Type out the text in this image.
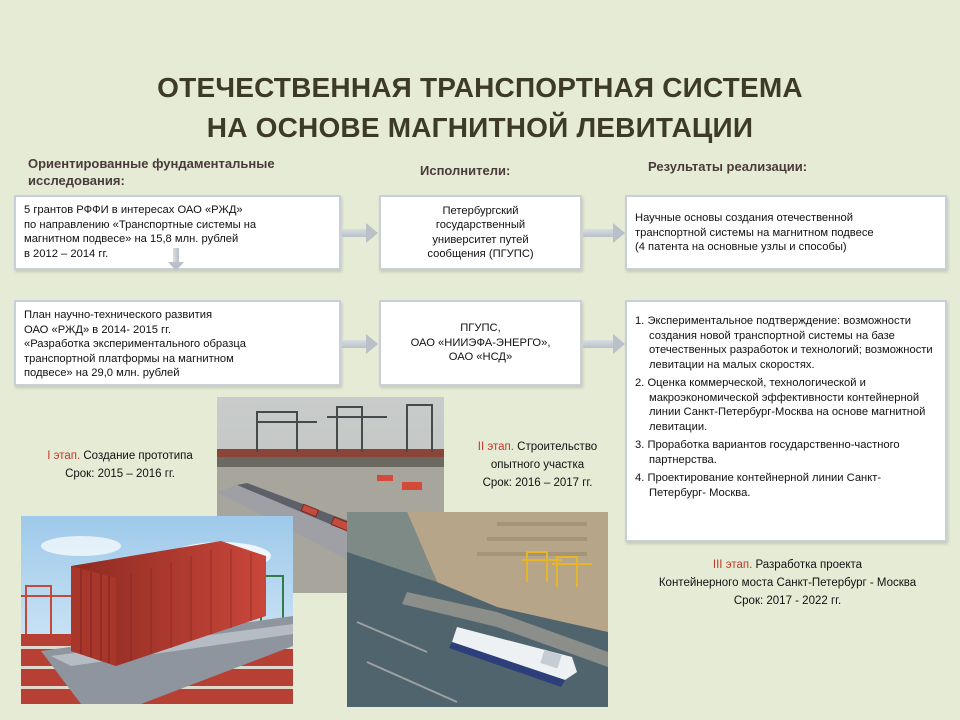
ОТЕЧЕСТВЕННАЯ ТРАНСПОРТНАЯ СИСТЕМА
НА ОСНОВЕ МАГНИТНОЙ ЛЕВИТАЦИИ
Ориентированные фундаментальные исследования:
Исполнители:	Результаты реализации:
5 грантов РФФИ в интересах ОАО «РЖД»
по направлению «Транспортные системы на
магнитном подвесе» на 15,8 млн. рублей
в 2012 – 2014 гг.
Петербургский
государственный
университет путей
сообщения (ПГУПС)
Научные основы создания отечественной
транспортной системы на магнитном подвесе
(4 патента на основные узлы и способы)
План научно-технического развития
ОАО «РЖД» в 2014- 2015 гг.
«Разработка экспериментального образца
транспортной платформы на магнитном
подвесе» на 29,0 млн. рублей
ПГУПС,
ОАО «НИИЭФА-ЭНЕРГО»,
ОАО «НСД»
1. Экспериментальное подтверждение: возможности создания новой транспортной системы на базе отечественных разработок и технологий; возможности левитации на малых скоростях.
2. Оценка коммерческой, технологической и макроэкономической эффективности контейнерной линии Санкт-Петербург-Москва на основе магнитной левитации.
3. Проработка вариантов государственно-частного партнерства.
4. Проектирование контейнерной линии Санкт-Петербург- Москва.
I этап. Создание прототипа
Срок: 2015 – 2016 гг.
II этап. Строительство
опытного участка
Срок: 2016 – 2017 гг.
III этап. Разработка проекта
Контейнерного моста Санкт-Петербург - Москва
Срок: 2017 - 2022 гг.
